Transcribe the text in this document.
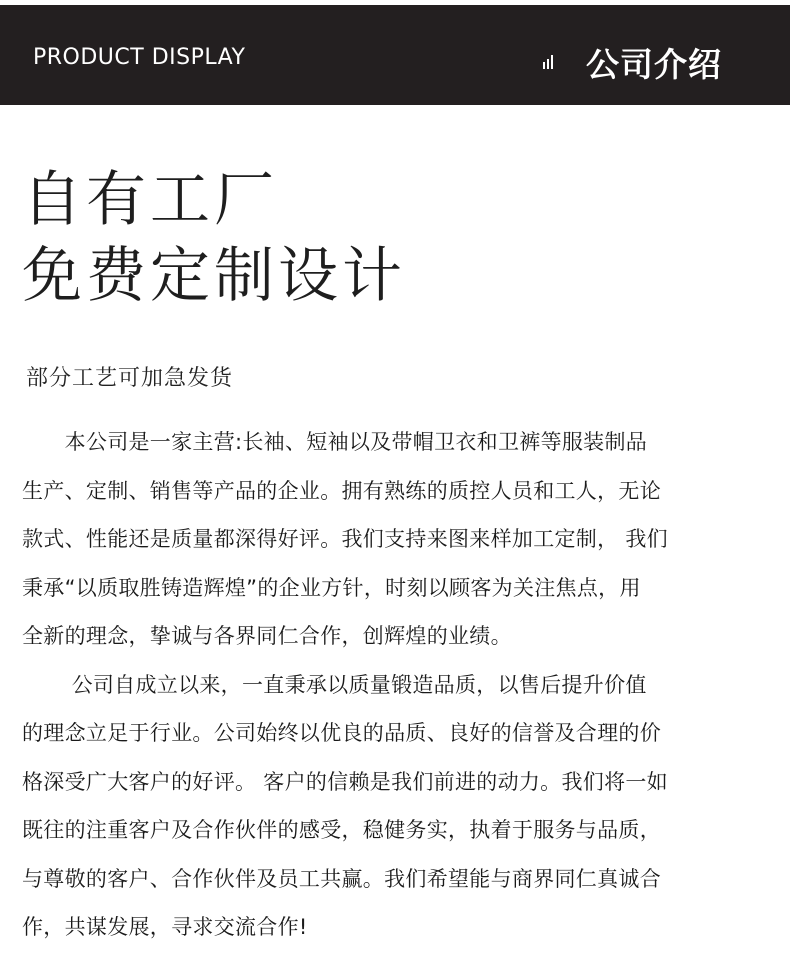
PRODUCT DISPLAY	公司介绍
自有工厂
免费定制设计
部分工艺可加急发货

　　本公司是一家主营:长袖、短袖以及带帽卫衣和卫裤等服装制品
生产、定制、销售等产品的企业。拥有熟练的质控人员和工人，无论
款式、性能还是质量都深得好评。我们支持来图来样加工定制， 我们
秉承“以质取胜铸造辉煌”的企业方针，时刻以顾客为关注焦点，用
全新的理念，挚诚与各界同仁合作，创辉煌的业绩。

　　 公司自成立以来，一直秉承以质量锻造品质，以售后提升价值
的理念立足于行业。公司始终以优良的品质、良好的信誉及合理的价
格深受广大客户的好评。 客户的信赖是我们前进的动力。我们将一如
既往的注重客户及合作伙伴的感受，稳健务实，执着于服务与品质，
与尊敬的客户、合作伙伴及员工共赢。我们希望能与商界同仁真诚合
作，共谋发展，寻求交流合作!
